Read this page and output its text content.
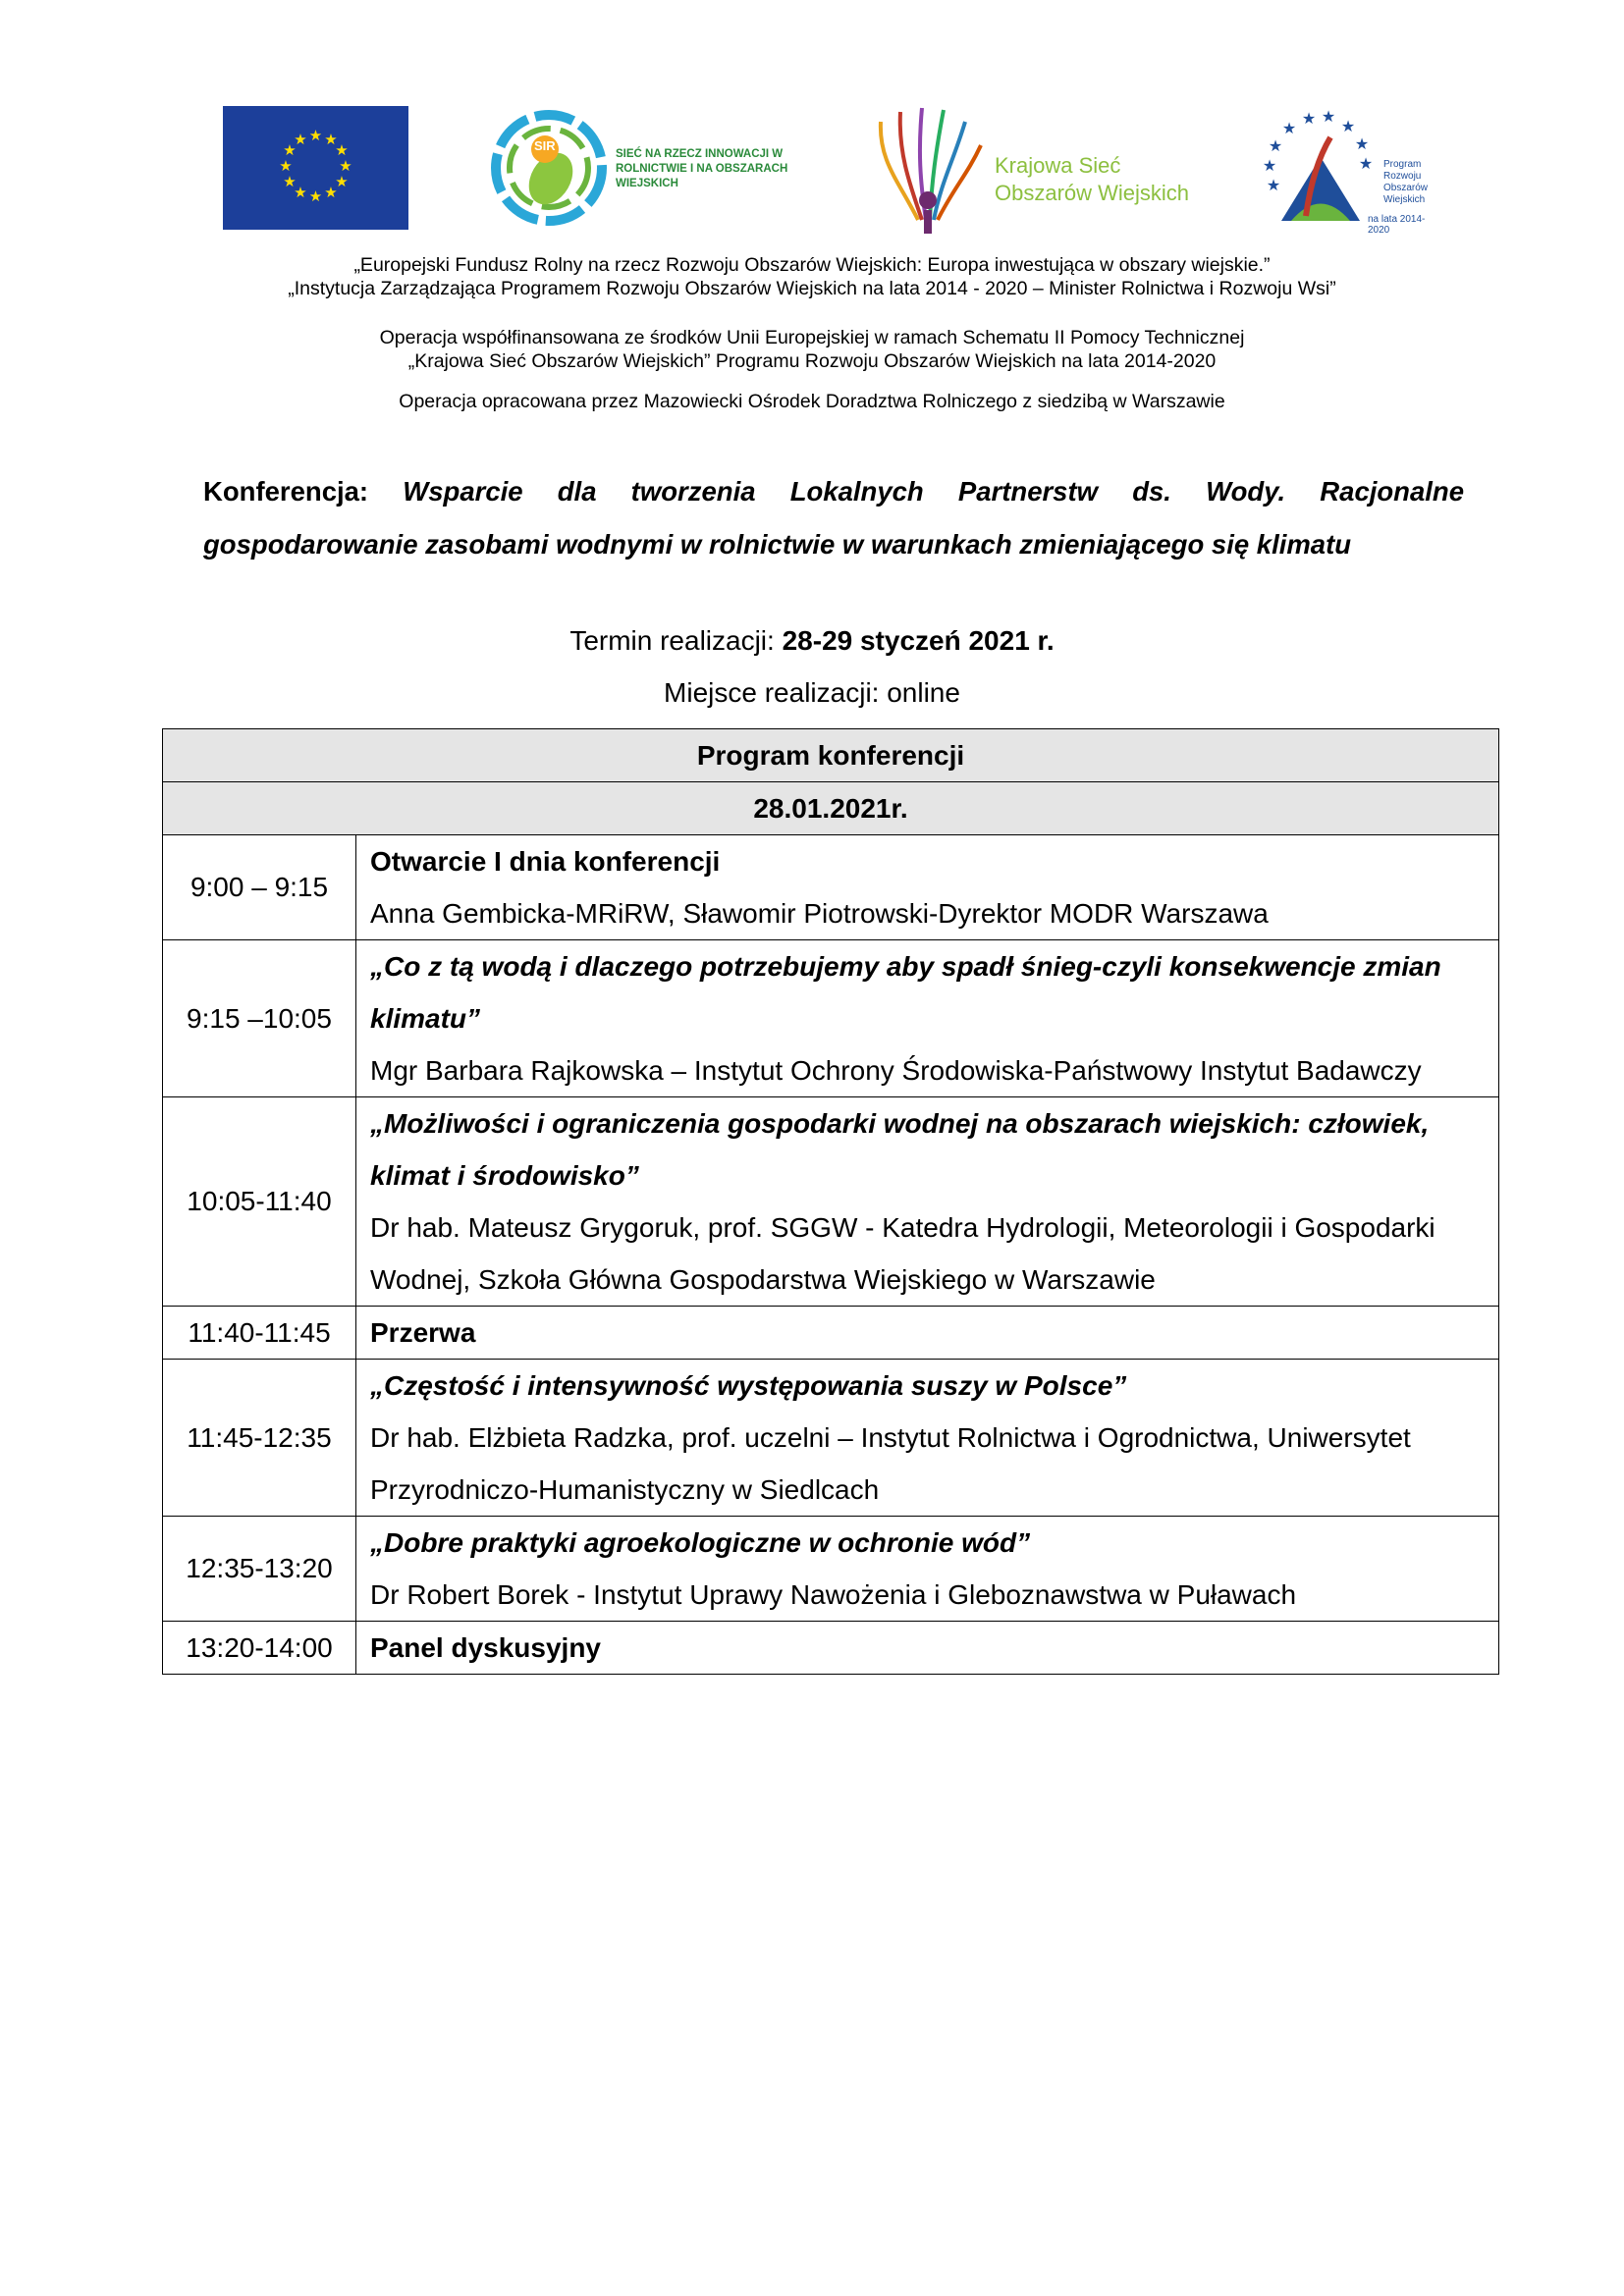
★ ★
★
★
★
★
★
★
★
★
★
★	SIR
SIEĆ NA RZECZ INNOWACJI W ROLNICTWIE I NA OBSZARACH WIEJSKICH
Krajowa Sieć
Obszarów Wiejskich
★ ★
★	★
★	★
★	★
★
Program
Rozwoju
Obszarów
Wiejskich
na lata 2014-2020
„Europejski Fundusz Rolny na rzecz Rozwoju Obszarów Wiejskich: Europa inwestująca w obszary wiejskie.”
„Instytucja Zarządzająca Programem Rozwoju Obszarów Wiejskich na lata 2014 - 2020 – Minister Rolnictwa i Rozwoju Wsi”
Operacja współfinansowana ze środków Unii Europejskiej w ramach Schematu II Pomocy Technicznej
„Krajowa Sieć Obszarów Wiejskich” Programu Rozwoju Obszarów Wiejskich na lata 2014-2020
Operacja opracowana przez Mazowiecki Ośrodek Doradztwa Rolniczego z siedzibą w Warszawie
Konferencja: Wsparcie dla tworzenia Lokalnych Partnerstw ds. Wody. Racjonalne gospodarowanie zasobami wodnymi w rolnictwie w warunkach zmieniającego się klimatu
Termin realizacji: 28-29 styczeń 2021 r.
Miejsce realizacji: online
Program konferencji	
28.01.2021r.	
9:00 – 9:15	Otwarcie I dnia konferencji
Anna Gembicka-MRiRW, Sławomir Piotrowski-Dyrektor MODR Warszawa

9:15 –10:05	„Co z tą wodą i dlaczego potrzebujemy aby spadł śnieg-czyli konsekwencje zmian klimatu”
Mgr Barbara Rajkowska – Instytut Ochrony Środowiska-Państwowy Instytut Badawczy

10:05-11:40	„Możliwości i ograniczenia gospodarki wodnej na obszarach wiejskich: człowiek, klimat i środowisko”
Dr hab. Mateusz Grygoruk, prof. SGGW - Katedra Hydrologii, Meteorologii i Gospodarki Wodnej, Szkoła Główna Gospodarstwa Wiejskiego w Warszawie

11:40-11:45	Przerwa

11:45-12:35	„Częstość i intensywność występowania suszy w Polsce”
Dr hab. Elżbieta Radzka, prof. uczelni – Instytut Rolnictwa i Ogrodnictwa, Uniwersytet Przyrodniczo-Humanistyczny w Siedlcach

12:35-13:20	„Dobre praktyki agroekologiczne w ochronie wód”
Dr Robert Borek - Instytut Uprawy Nawożenia i Gleboznawstwa w Puławach

13:20-14:00	Panel dyskusyjny
